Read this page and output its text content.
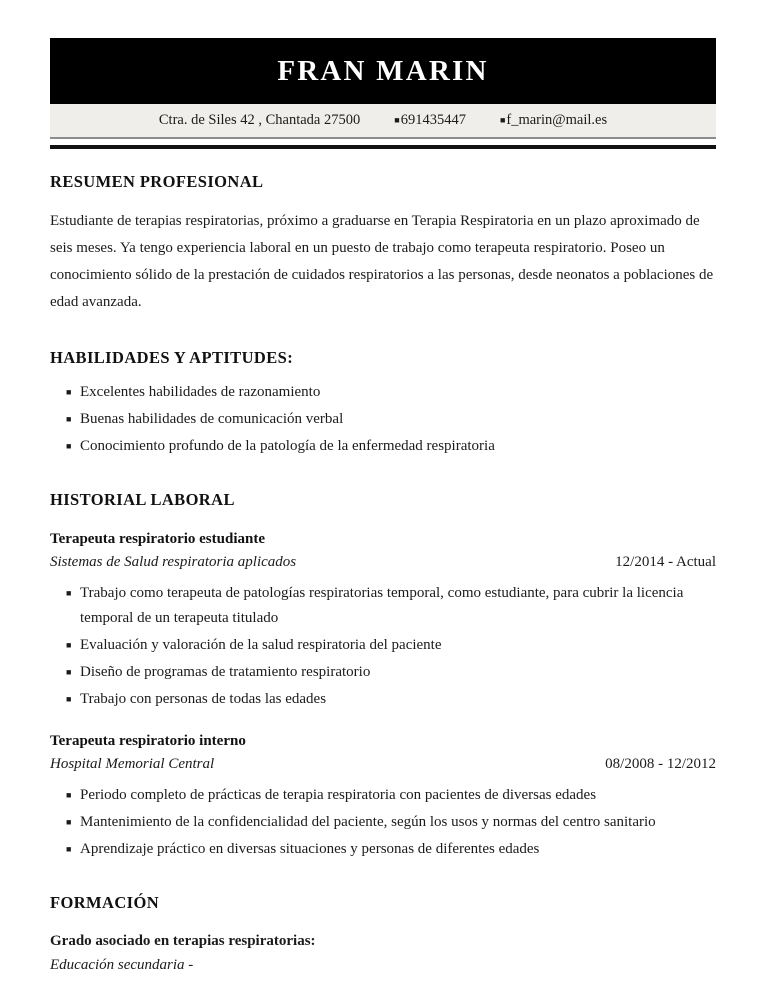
FRAN MARIN
Ctra. de Siles 42 , Chantada 27500	■691435447	■f_marin@mail.es
RESUMEN PROFESIONAL

Estudiante de terapias respiratorias, próximo a graduarse en Terapia Respiratoria en un plazo aproximado de seis meses. Ya tengo experiencia laboral en un puesto de trabajo como terapeuta respiratorio. Poseo un conocimiento sólido de la prestación de cuidados respiratorios a las personas, desde neonatos a poblaciones de edad avanzada.

HABILIDADES Y APTITUDES:
■ Excelentes habilidades de razonamiento
■ Buenas habilidades de comunicación verbal
■ Conocimiento profundo de la patología de la enfermedad respiratoria
HISTORIAL LABORAL
Terapeuta respiratorio estudiante
Sistemas de Salud respiratoria aplicados	12/2014 - Actual
■ Trabajo como terapeuta de patologías respiratorias temporal, como estudiante, para cubrir la licencia temporal de un terapeuta titulado
■ Evaluación y valoración de la salud respiratoria del paciente
■ Diseño de programas de tratamiento respiratorio
■ Trabajo con personas de todas las edades
Terapeuta respiratorio interno
Hospital Memorial Central	08/2008 - 12/2012
■ Periodo completo de prácticas de terapia respiratoria con pacientes de diversas edades
■ Mantenimiento de la confidencialidad del paciente, según los usos y normas del centro sanitario
■ Aprendizaje práctico en diversas situaciones y personas de diferentes edades
FORMACIÓN
Grado asociado en terapias respiratorias:
Educación secundaria -
